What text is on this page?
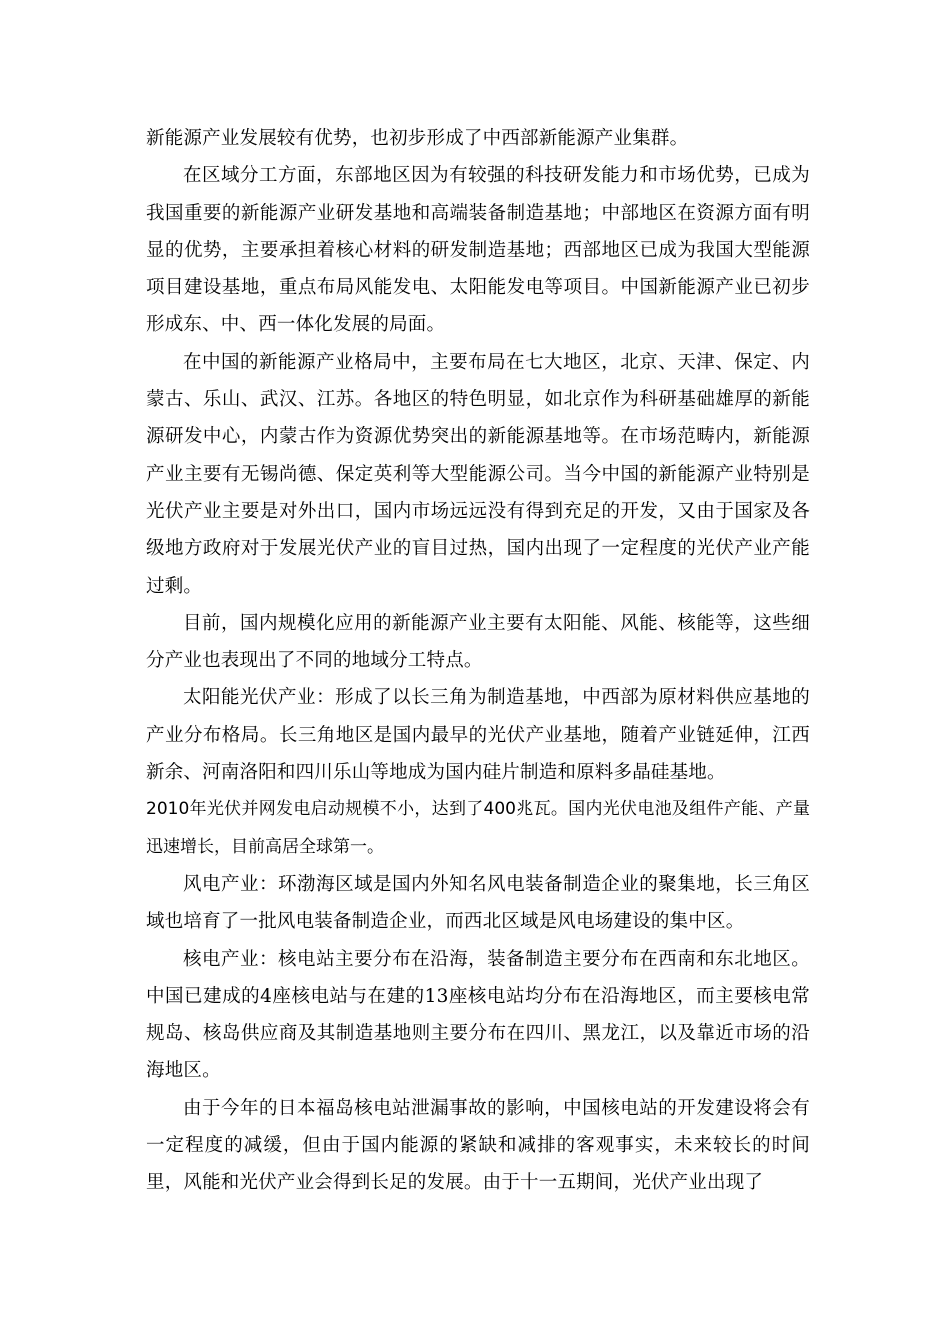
新能源产业发展较有优势，也初步形成了中西部新能源产业集群。

在区域分工方面，东部地区因为有较强的科技研发能力和市场优势，已成为我国重要的新能源产业研发基地和高端装备制造基地；中部地区在资源方面有明显的优势，主要承担着核心材料的研发制造基地；西部地区已成为我国大型能源项目建设基地，重点布局风能发电、太阳能发电等项目。中国新能源产业已初步形成东、中、西一体化发展的局面。

在中国的新能源产业格局中，主要布局在七大地区，北京、天津、保定、内蒙古、乐山、武汉、江苏。各地区的特色明显，如北京作为科研基础雄厚的新能源研发中心，内蒙古作为资源优势突出的新能源基地等。在市场范畴内，新能源产业主要有无锡尚德、保定英利等大型能源公司。当今中国的新能源产业特别是光伏产业主要是对外出口，国内市场远远没有得到充足的开发，又由于国家及各级地方政府对于发展光伏产业的盲目过热，国内出现了一定程度的光伏产业产能过剩。

目前，国内规模化应用的新能源产业主要有太阳能、风能、核能等，这些细分产业也表现出了不同的地域分工特点。

太阳能光伏产业：形成了以长三角为制造基地，中西部为原材料供应基地的产业分布格局。长三角地区是国内最早的光伏产业基地，随着产业链延伸，江西新余、河南洛阳和四川乐山等地成为国内硅片制造和原料多晶硅基地。

2010年光伏并网发电启动规模不小，达到了400兆瓦。国内光伏电池及组件产能、产量迅速增长，目前高居全球第一。

风电产业：环渤海区域是国内外知名风电装备制造企业的聚集地，长三角区域也培育了一批风电装备制造企业，而西北区域是风电场建设的集中区。

核电产业：核电站主要分布在沿海，装备制造主要分布在西南和东北地区。中国已建成的4座核电站与在建的13座核电站均分布在沿海地区，而主要核电常规岛、核岛供应商及其制造基地则主要分布在四川、黑龙江，以及靠近市场的沿海地区。

由于今年的日本福岛核电站泄漏事故的影响，中国核电站的开发建设将会有一定程度的减缓，但由于国内能源的紧缺和减排的客观事实，未来较长的时间里，风能和光伏产业会得到长足的发展。由于十一五期间，光伏产业出现了
